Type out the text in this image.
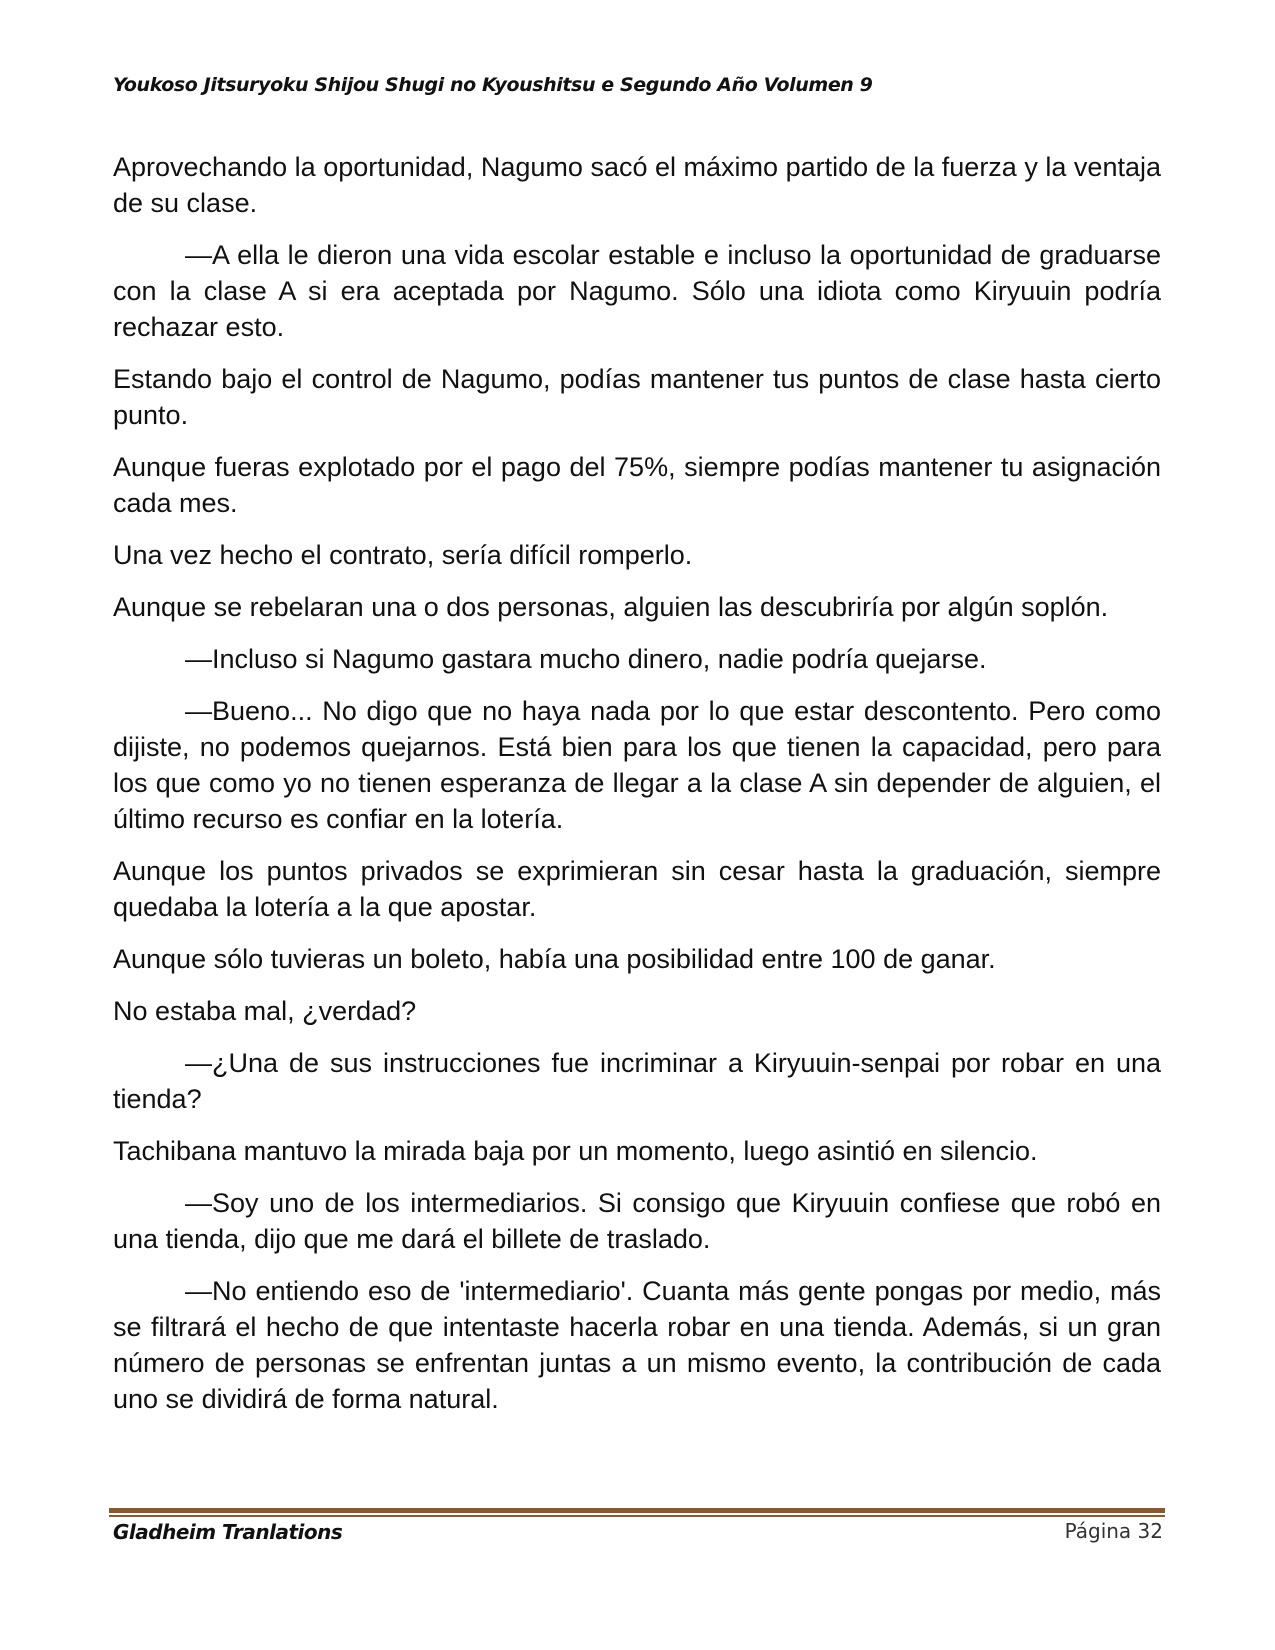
Youkoso Jitsuryoku Shijou Shugi no Kyoushitsu e Segundo Año Volumen 9

Aprovechando la oportunidad, Nagumo sacó el máximo partido de la fuerza y la ventaja de su clase.

—A ella le dieron una vida escolar estable e incluso la oportunidad de graduarse con la clase A si era aceptada por Nagumo. Sólo una idiota como Kiryuuin podría rechazar esto.

Estando bajo el control de Nagumo, podías mantener tus puntos de clase hasta cierto punto.

Aunque fueras explotado por el pago del 75%, siempre podías mantener tu asignación cada mes.

Una vez hecho el contrato, sería difícil romperlo.

Aunque se rebelaran una o dos personas, alguien las descubriría por algún soplón.

—Incluso si Nagumo gastara mucho dinero, nadie podría quejarse.

—Bueno... No digo que no haya nada por lo que estar descontento. Pero como dijiste, no podemos quejarnos. Está bien para los que tienen la capacidad, pero para los que como yo no tienen esperanza de llegar a la clase A sin depender de alguien, el último recurso es confiar en la lotería.

Aunque los puntos privados se exprimieran sin cesar hasta la graduación, siempre quedaba la lotería a la que apostar.

Aunque sólo tuvieras un boleto, había una posibilidad entre 100 de ganar.

No estaba mal, ¿verdad?

—¿Una de sus instrucciones fue incriminar a Kiryuuin-senpai por robar en una tienda?

Tachibana mantuvo la mirada baja por un momento, luego asintió en silencio.

—Soy uno de los intermediarios. Si consigo que Kiryuuin confiese que robó en una tienda, dijo que me dará el billete de traslado.

—No entiendo eso de 'intermediario'. Cuanta más gente pongas por medio, más se filtrará el hecho de que intentaste hacerla robar en una tienda. Además, si un gran número de personas se enfrentan juntas a un mismo evento, la contribución de cada uno se dividirá de forma natural.

Gladheim Tranlations	Página 32
